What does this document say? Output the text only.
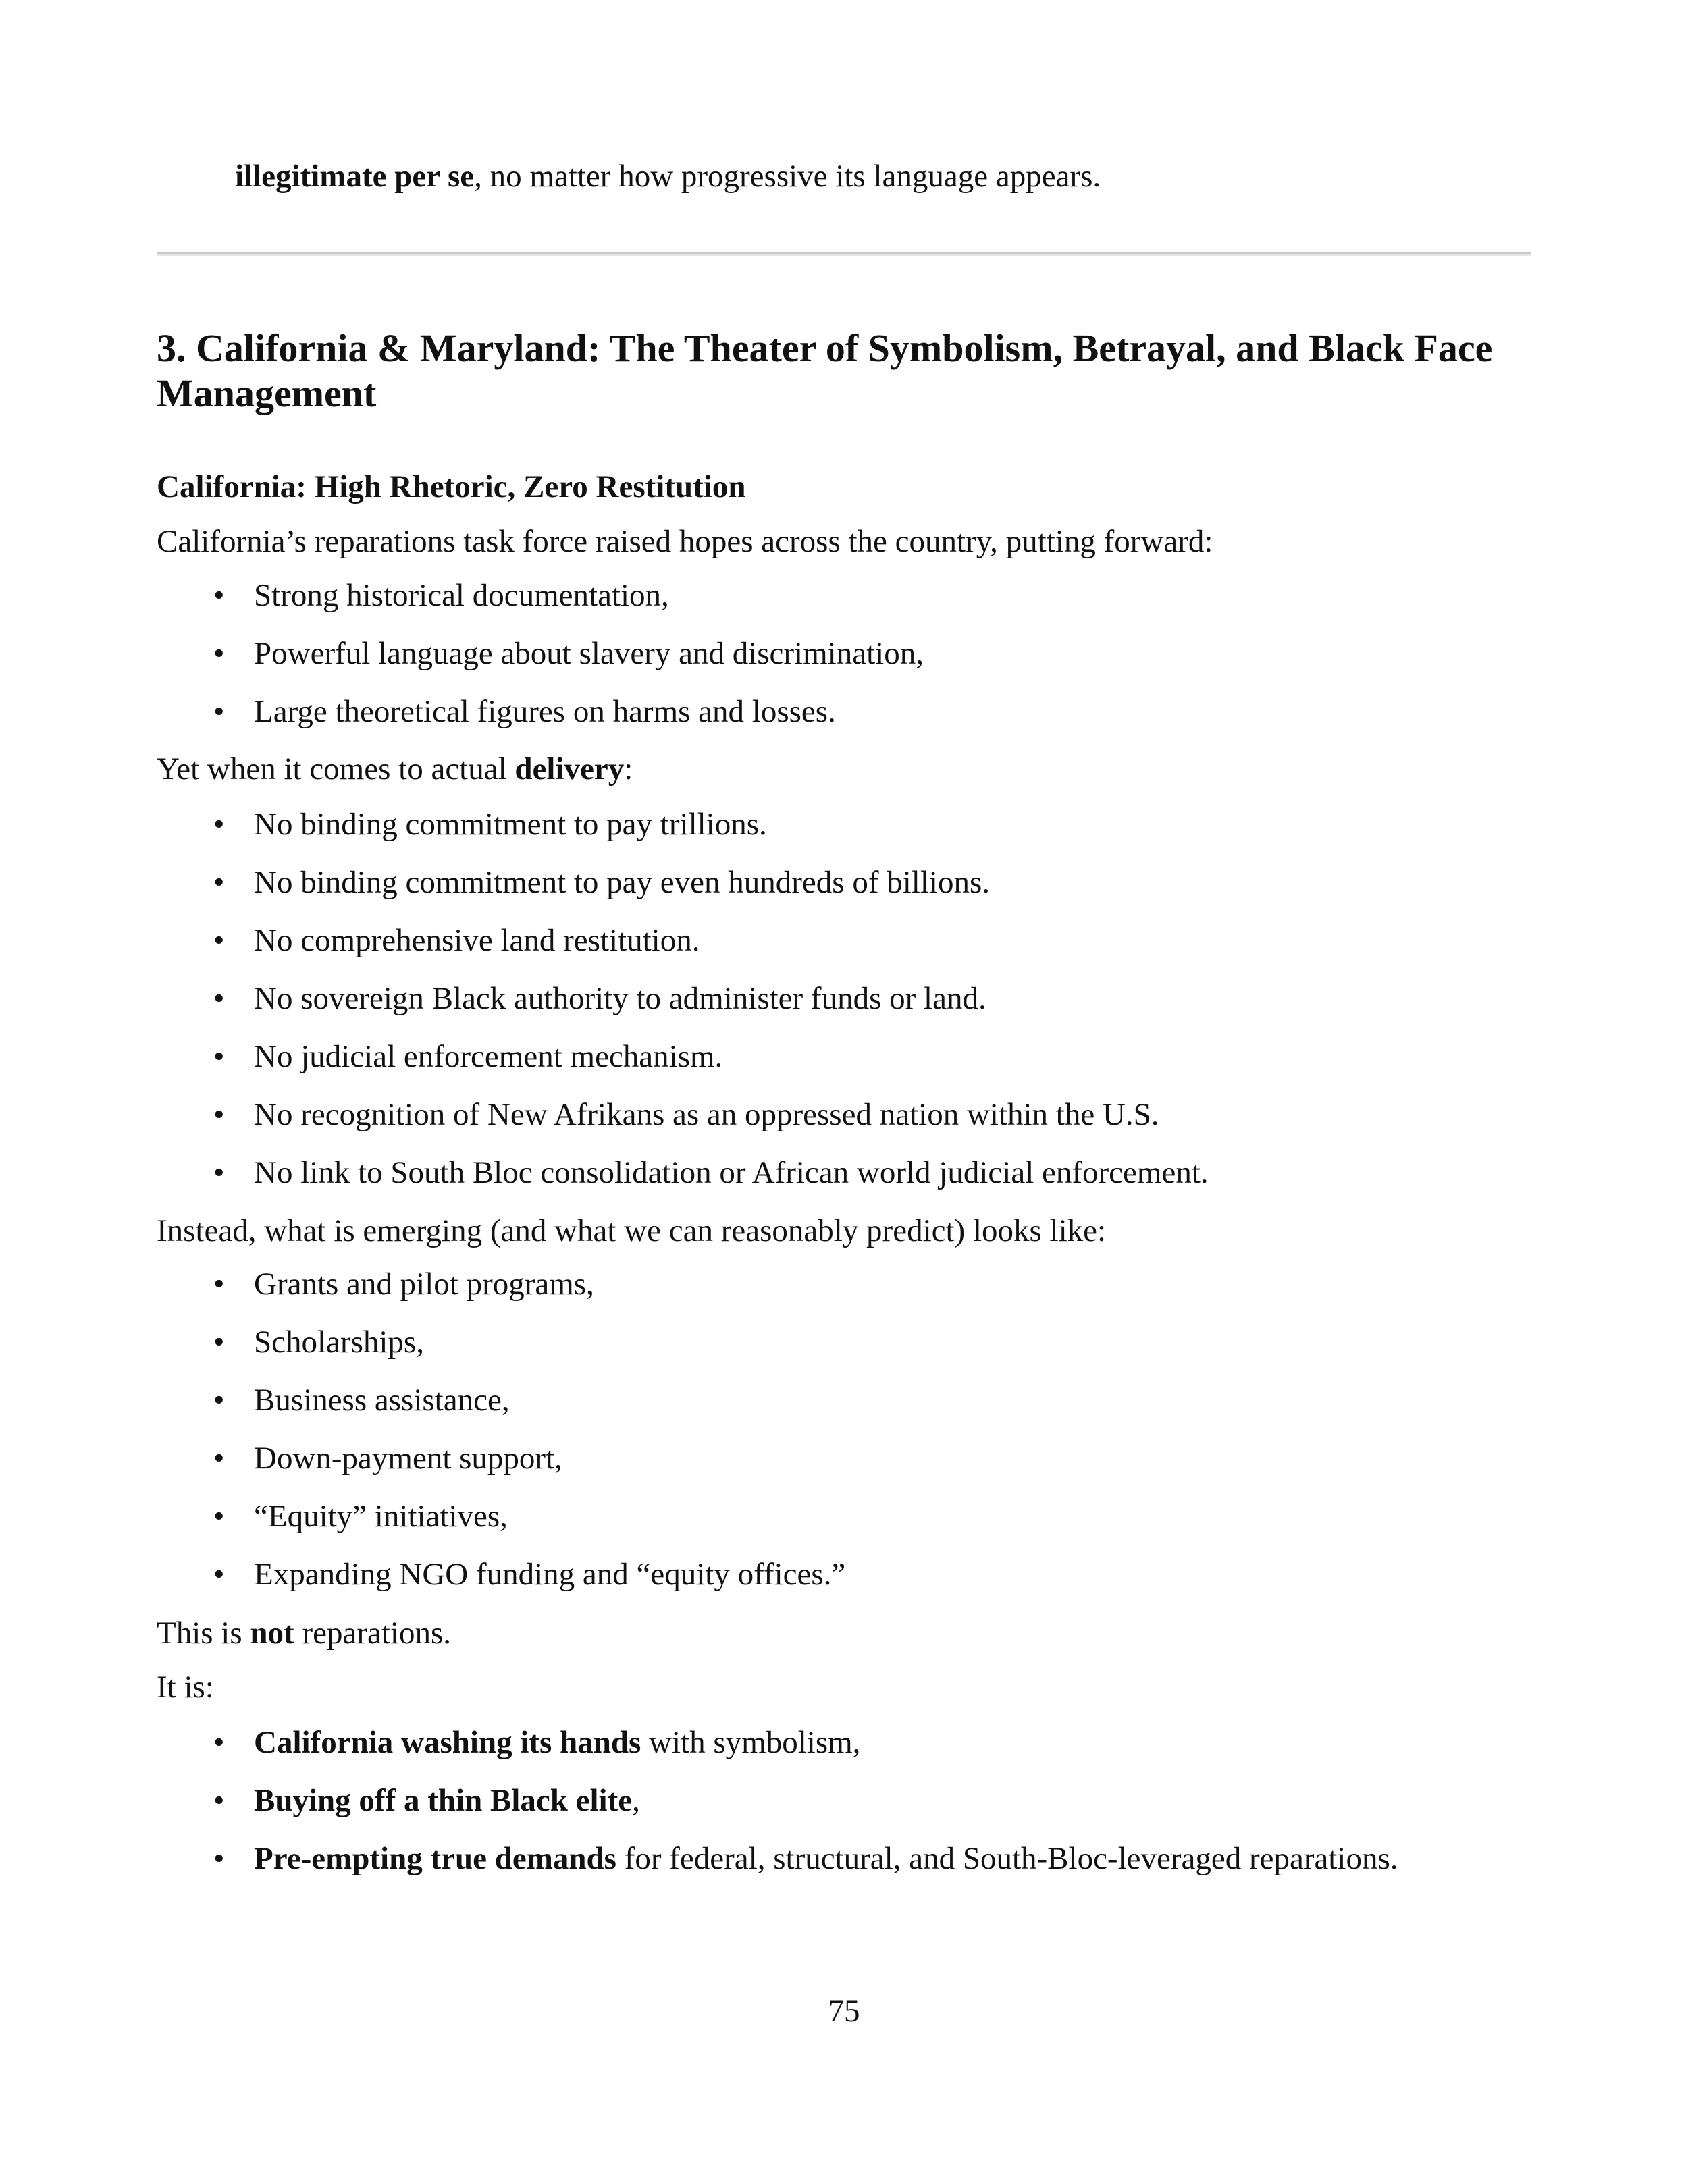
illegitimate per se, no matter how progressive its language appears.

3. California & Maryland: The Theater of Symbolism, Betrayal, and Black Face Management
California: High Rhetoric, Zero Restitution

California’s reparations task force raised hopes across the country, putting forward:

• Strong historical documentation,
• Powerful language about slavery and discrimination,
• Large theoretical figures on harms and losses.

Yet when it comes to actual delivery:

• No binding commitment to pay trillions.
• No binding commitment to pay even hundreds of billions.
• No comprehensive land restitution.
• No sovereign Black authority to administer funds or land.
• No judicial enforcement mechanism.
• No recognition of New Afrikans as an oppressed nation within the U.S.
• No link to South Bloc consolidation or African world judicial enforcement.

Instead, what is emerging (and what we can reasonably predict) looks like:

• Grants and pilot programs,
• Scholarships,
• Business assistance,
• Down-payment support,
• “Equity” initiatives,
• Expanding NGO funding and “equity offices.”

This is not reparations.

It is:

• California washing its hands with symbolism,
• Buying off a thin Black elite,
• Pre-empting true demands for federal, structural, and South-Bloc-leveraged reparations.

75
